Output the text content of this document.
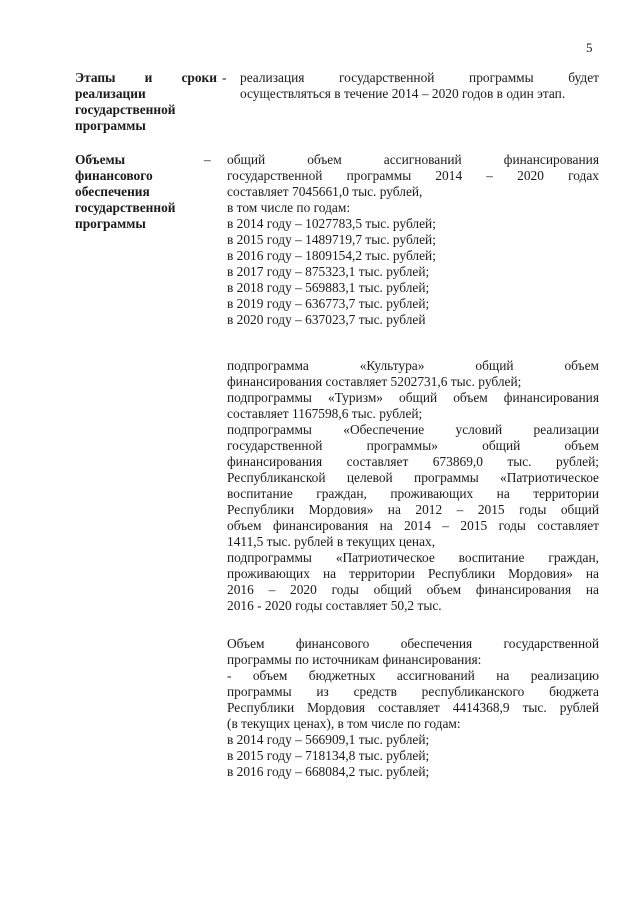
5
Этапы и сроки
реализации
государственной
программы
- реализация государственной программы будет
осуществляться в течение 2014 – 2020 годов в один этап.
Объемы
финансового
обеспечения
государственной
программы
– общий объем ассигнований финансирования
государственной программы 2014 – 2020 годах
составляет 7045661,0 тыс. рублей,
в том числе по годам:
в 2014 году – 1027783,5 тыс. рублей;
в 2015 году – 1489719,7 тыс. рублей;
в 2016 году – 1809154,2 тыс. рублей;
в 2017 году – 875323,1 тыс. рублей;
в 2018 году – 569883,1 тыс. рублей;
в 2019 году – 636773,7 тыс. рублей;
в 2020 году – 637023,7 тыс. рублей
подпрограмма «Культура» общий объем
финансирования составляет 5202731,6 тыс. рублей;
подпрограммы «Туризм» общий объем финансирования
составляет 1167598,6 тыс. рублей;
подпрограммы «Обеспечение условий реализации
государственной программы» общий объем
финансирования составляет 673869,0 тыс. рублей;
Республиканской целевой программы «Патриотическое
воспитание граждан, проживающих на территории
Республики Мордовия» на 2012 – 2015 годы общий
объем финансирования на 2014 – 2015 годы составляет
1411,5 тыс. рублей в текущих ценах,
подпрограммы «Патриотическое воспитание граждан,
проживающих на территории Республики Мордовия» на
2016 – 2020 годы общий объем финансирования на
2016 - 2020 годы составляет 50,2 тыс.
Объем финансового обеспечения государственной
программы по источникам финансирования:
- объем бюджетных ассигнований на реализацию
программы из средств республиканского бюджета
Республики Мордовия составляет 4414368,9 тыс. рублей
(в текущих ценах), в том числе по годам:
в 2014 году – 566909,1 тыс. рублей;
в 2015 году – 718134,8 тыс. рублей;
в 2016 году – 668084,2 тыс. рублей;
